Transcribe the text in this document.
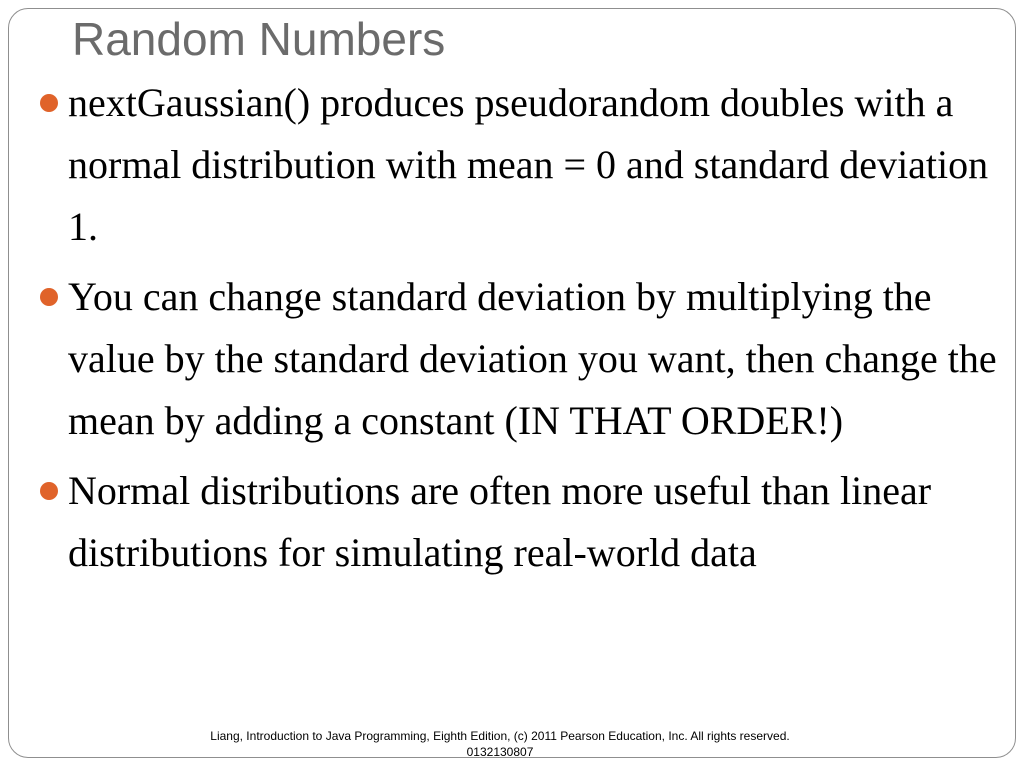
Random Numbers
nextGaussian() produces pseudorandom doubles with a normal distribution with mean = 0 and standard deviation 1.
You can change standard deviation by multiplying the value by the standard deviation you want, then change the mean by adding a constant (IN THAT ORDER!)
Normal distributions are often more useful than linear distributions for simulating real-world data
Liang, Introduction to Java Programming, Eighth Edition, (c) 2011 Pearson Education, Inc. All rights reserved. 0132130807
